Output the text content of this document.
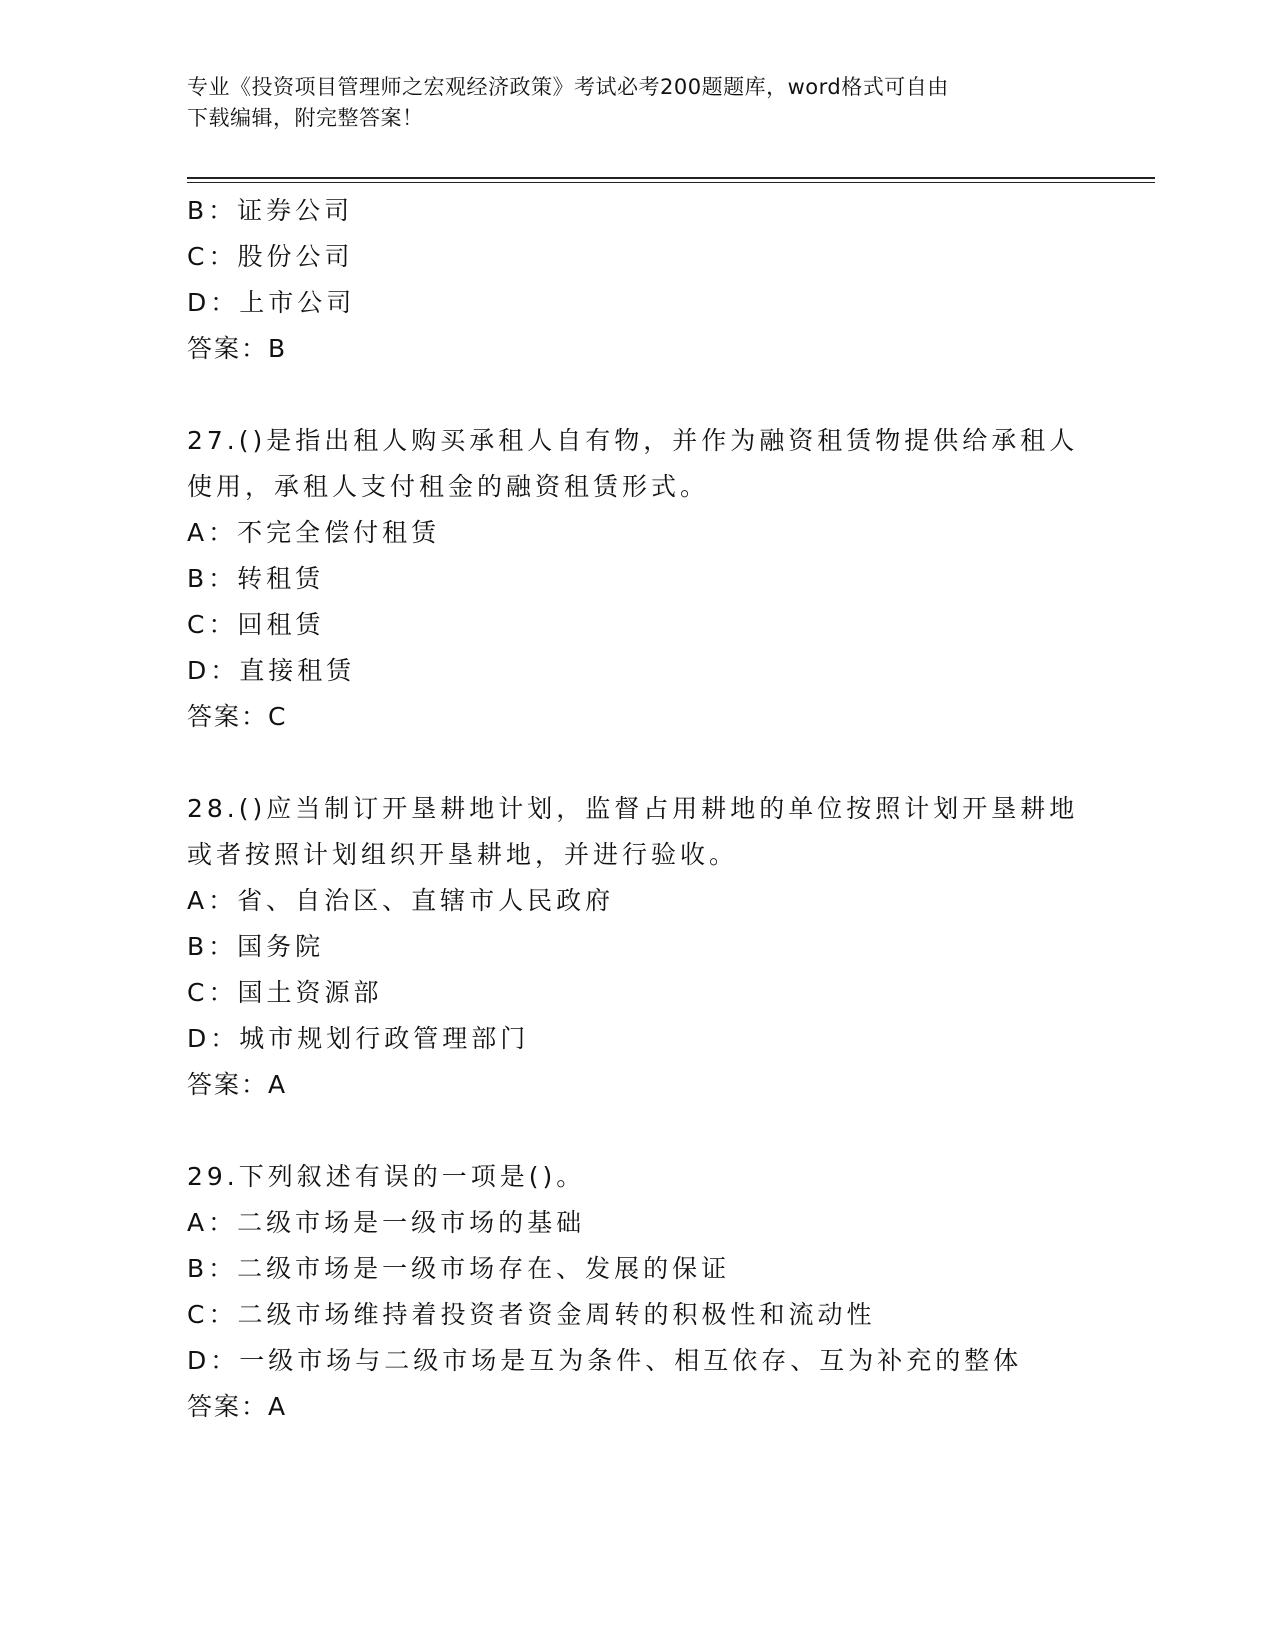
专业《投资项目管理师之宏观经济政策》考试必考200题题库，word格式可自由
下载编辑，附完整答案！
B：证券公司
C：股份公司
D：上市公司
答案：B
27.()是指出租人购买承租人自有物，并作为融资租赁物提供给承租人
使用，承租人支付租金的融资租赁形式。
A：不完全偿付租赁
B：转租赁
C：回租赁
D：直接租赁
答案：C
28.()应当制订开垦耕地计划，监督占用耕地的单位按照计划开垦耕地
或者按照计划组织开垦耕地，并进行验收。
A：省、自治区、直辖市人民政府
B：国务院
C：国土资源部
D：城市规划行政管理部门
答案：A
29.下列叙述有误的一项是()。
A：二级市场是一级市场的基础
B：二级市场是一级市场存在、发展的保证
C：二级市场维持着投资者资金周转的积极性和流动性
D：一级市场与二级市场是互为条件、相互依存、互为补充的整体
答案：A
